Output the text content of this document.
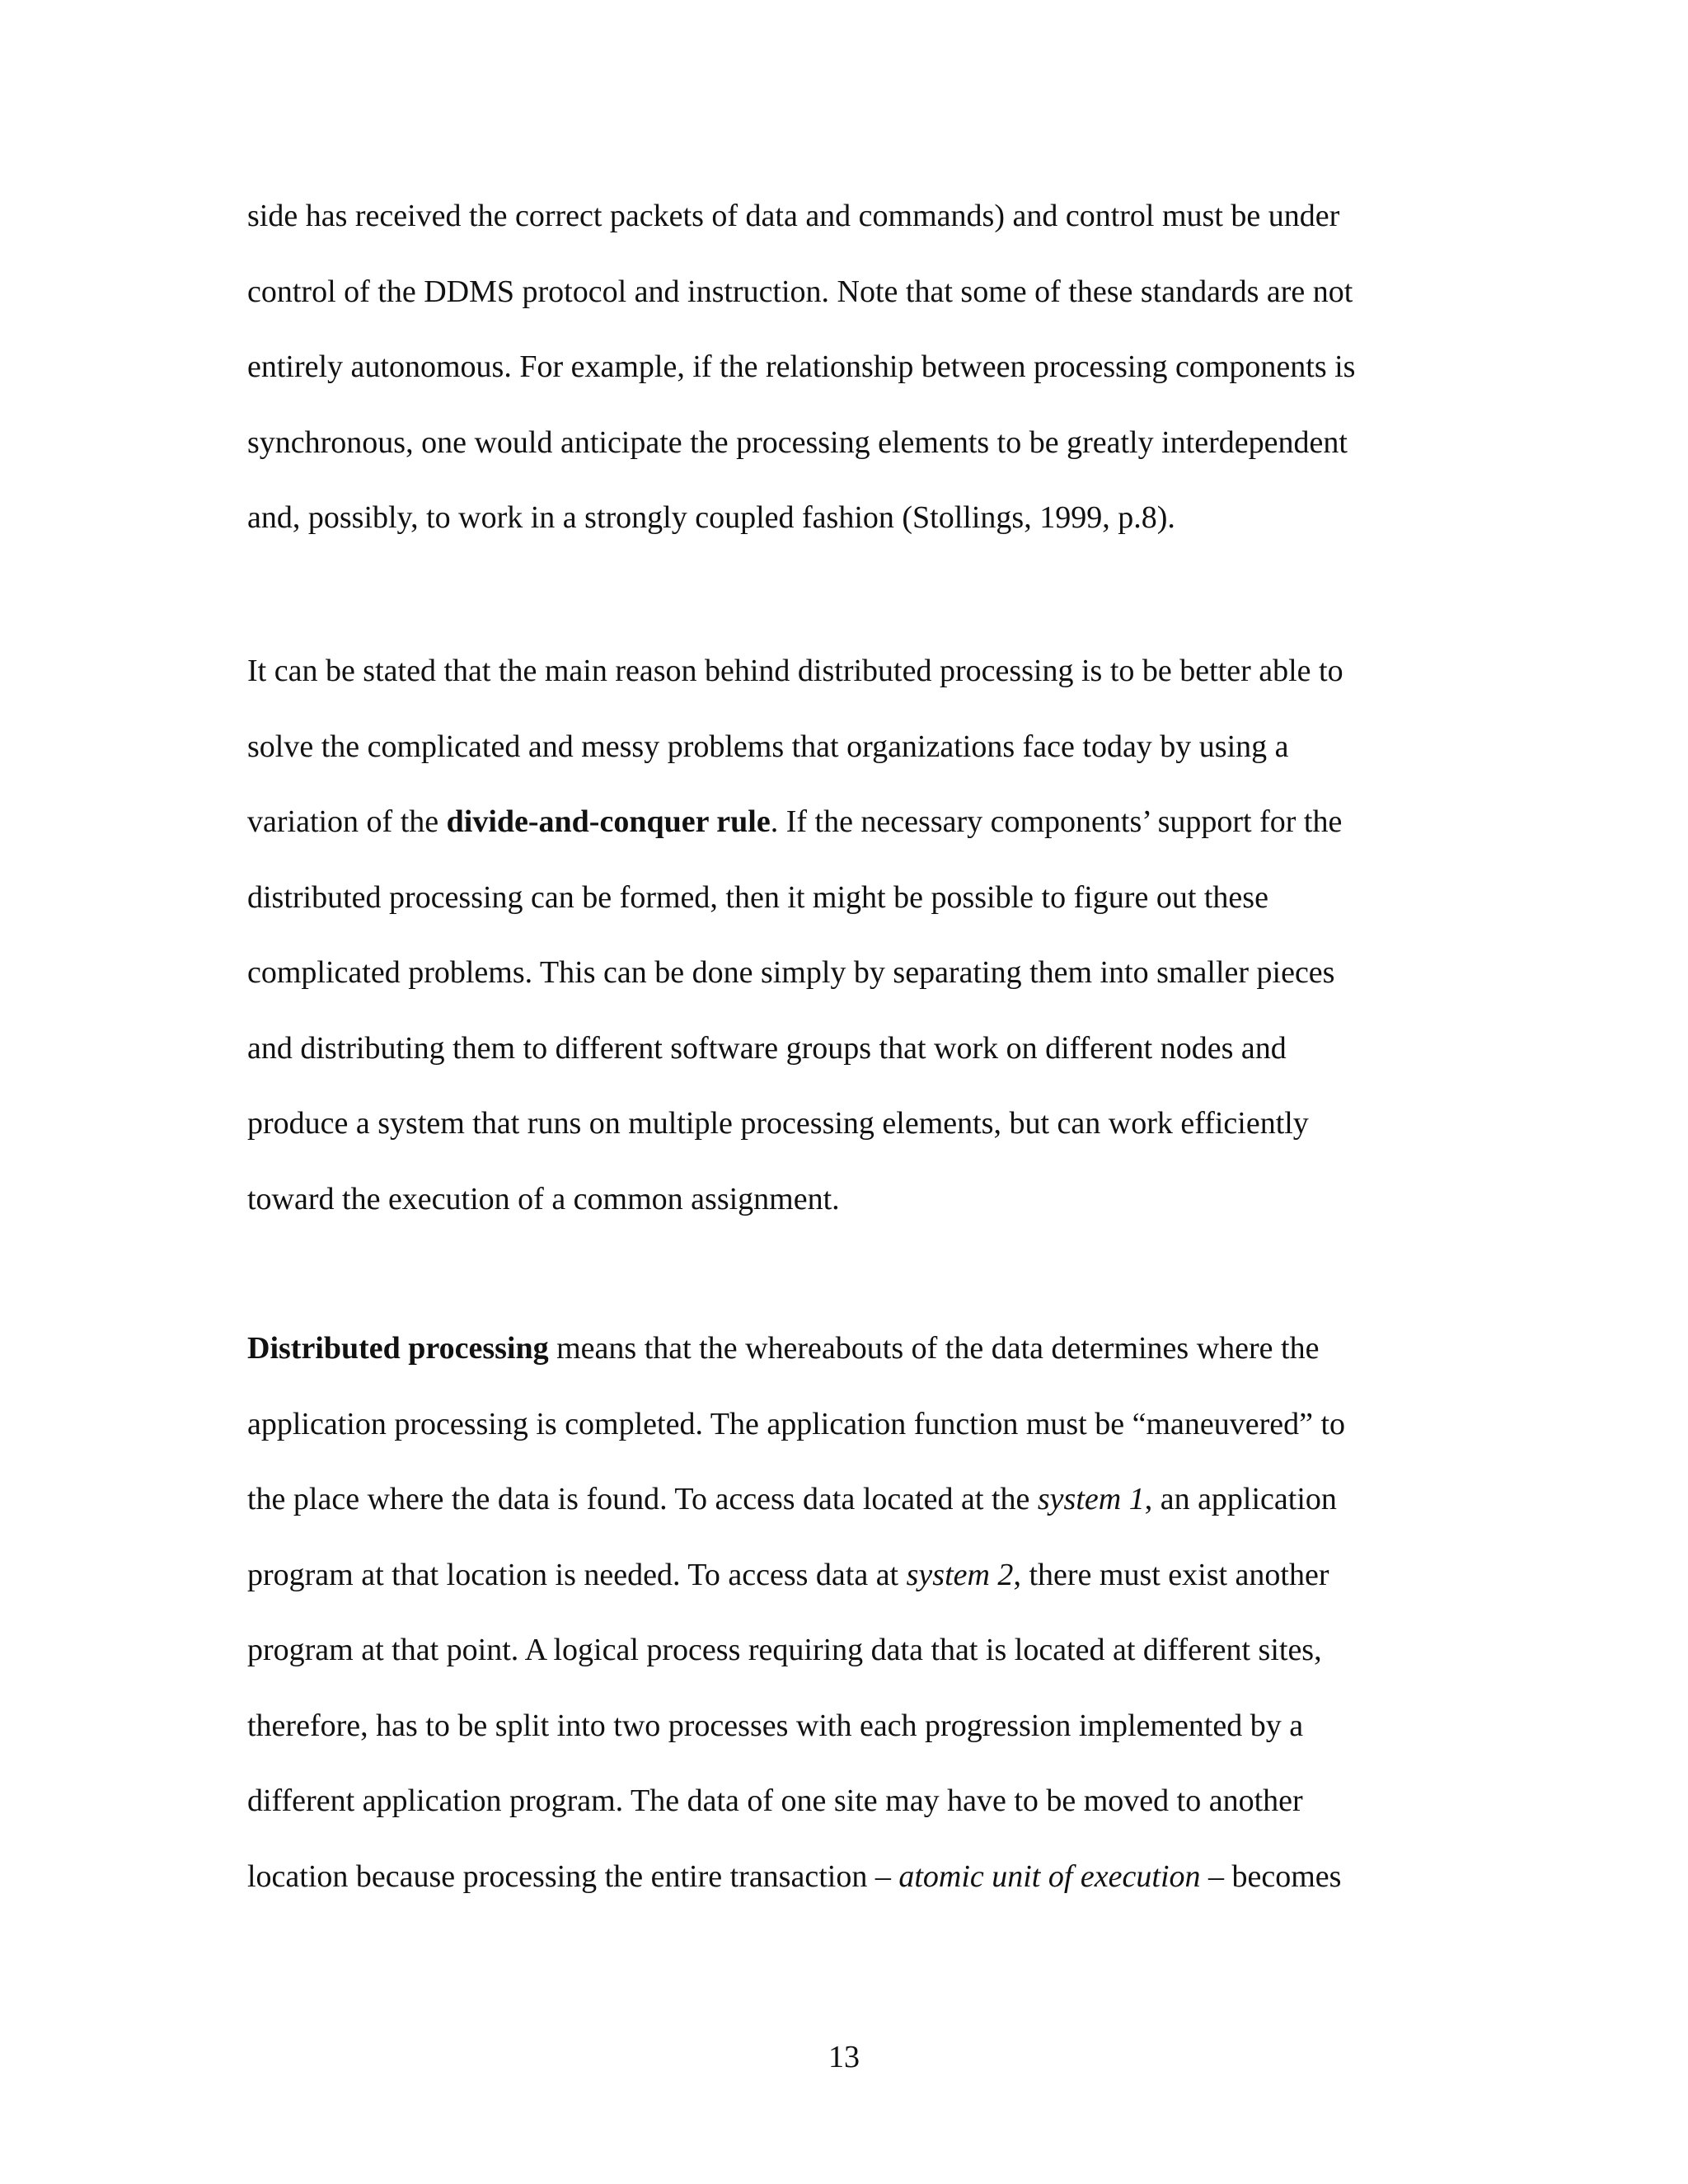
side has received the correct packets of data and commands) and control must be under
control of the DDMS protocol and instruction. Note that some of these standards are not
entirely autonomous. For example, if the relationship between processing components is
synchronous, one would anticipate the processing elements to be greatly interdependent
and, possibly, to work in a strongly coupled fashion (Stollings, 1999, p.8).
It can be stated that the main reason behind distributed processing is to be better able to
solve the complicated and messy problems that organizations face today by using a
variation of the divide-and-conquer rule. If the necessary components’ support for the
distributed processing can be formed, then it might be possible to figure out these
complicated problems. This can be done simply by separating them into smaller pieces
and distributing them to different software groups that work on different nodes and
produce a system that runs on multiple processing elements, but can work efficiently
toward the execution of a common assignment.
Distributed processing means that the whereabouts of the data determines where the
application processing is completed. The application function must be “maneuvered” to
the place where the data is found. To access data located at the system 1, an application
program at that location is needed. To access data at system 2, there must exist another
program at that point. A logical process requiring data that is located at different sites,
therefore, has to be split into two processes with each progression implemented by a
different application program. The data of one site may have to be moved to another
location because processing the entire transaction – atomic unit of execution – becomes
13
